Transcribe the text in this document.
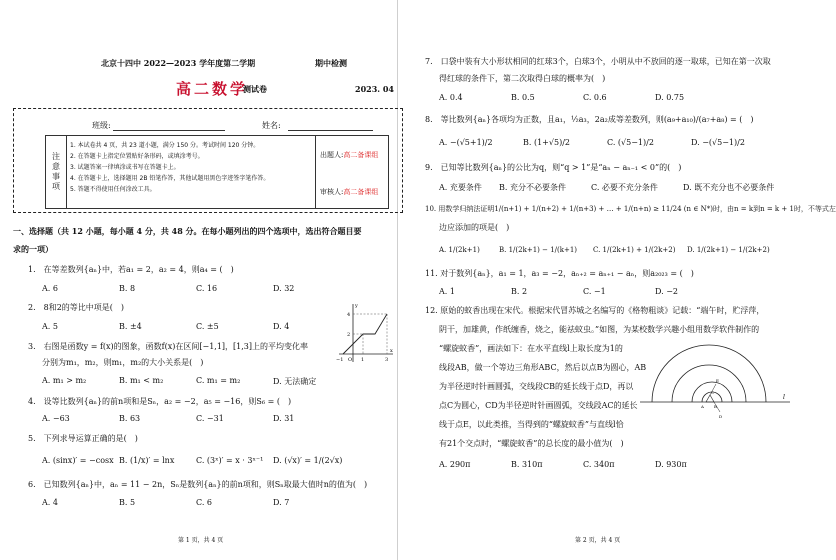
北京十四中 2022—2023 学年度第二学期	期中检测
高二数学
测试卷	2023. 04
班级:	姓名:
注
意
事
项
1. 本试卷共 4 页，共 23 道小题，满分 150 分。考试时间 120 分钟。
2. 在答题卡上指定位置贴好条形码，或填涂考号。
3. 试题答案一律填涂或书写在答题卡上。
4. 在答题卡上，选择题用 2B 铅笔作答，其他试题用黑色字迹签字笔作答。
5. 答题不得使用任何涂改工具。
出题人: 高二备课组
审核人: 高二备课组
一、选择题（共 12 小题，每小题 4 分，共 48 分。在每小题列出的四个选项中，选出符合题目要
求的一项）
1.　在等差数列{aₙ}中，若a₁ = 2，a₂ = 4，则a₄ = (　)
A. 6	B. 8	C. 16	D. 32
2.　8和2的等比中项是(　)
A. 5	B. ±4	C. ±5	D. 4
3.　右图是函数y = f(x)的图象，函数f(x)在区间[−1,1]，[1,3]上的平均变化率
分别为m₁，m₂，则m₁，m₂的大小关系是(　)
A. m₁ > m₂	B. m₁ < m₂	C. m₁ = m₂	D. 无法确定
4
2
−1 O 1	3
x
y
4.　设等比数列{aₙ}的前n项和是Sₙ，a₂ = −2，a₅ = −16，则S₆ = (　)
A. −63	B. 63	C. −31	D. 31
5.　下列求导运算正确的是(　)
A. (sinx)′ = −cosx B. (1/x)′ = lnx	C. (3ˣ)′ = x · 3ˣ⁻¹	D. (√x)′ = 1/(2√x)
6.　已知数列{aₙ}中，aₙ = 11 − 2n，Sₙ是数列{aₙ}的前n项和，则Sₙ取最大值时n的值为(　)
A. 4	B. 5	C. 6	D. 7
第 1 页，共 4 页
7.　口袋中装有大小形状相同的红球3个，白球3个，小明从中不放回的逐一取球，已知在第一次取
得红球的条件下，第二次取得白球的概率为(　)
A. 0.4	B. 0.5	C. 0.6	D. 0.75
8.　等比数列{aₙ}各项均为正数，且a₁，½a₃，2a₂成等差数列，则(a₉+a₁₀)/(a₇+a₈) = (　)
A. −(√5+1)/2	B. (1+√5)/2	C. (√5−1)/2	D. −(√5−1)/2
9.　已知等比数列{aₙ}的公比为q，则“q > 1”是“aₙ − aₙ₋₁ < 0”的(　)
A. 充要条件	B. 充分不必要条件	C. 必要不充分条件	D. 既不充分也不必要条件
10. 用数学归纳法证明1/(n+1) + 1/(n+2) + 1/(n+3) + … + 1/(n+n) ≥ 11/24 (n ∈ N*)时，由n = k到n = k + 1时，不等式左
边应添加的项是(　)
A. 1/(2k+1)	B. 1/(2k+1) − 1/(k+1)	C. 1/(2k+1) + 1/(2k+2)	D. 1/(2k+1) − 1/(2k+2)
11. 对于数列{aₙ}，a₁ = 1，a₃ = −2，aₙ₊₂ = aₙ₊₁ − aₙ，则a₂₀₂₃ = (　)
A. 1	B. 2	C. −1	D. −2
12. 原始的蚊香出现在宋代。根据宋代冒苏城之名编写的《格物粗谈》记载：“端午时，贮浮萍，
阴干，加雄黄，作纸缠香，烧之，能祛蚊虫。”如图，为某校数学兴趣小组用数学软件制作的
“螺旋蚊香”，画法如下：在水平直线l上取长度为1的
线段AB，做一个等边三角形ABC，然后以点B为圆心，AB
为半径逆时针画圆弧，交线段CB的延长线于点D，再以
点C为圆心，CD为半径逆时针画圆弧，交线段AC的延长
线于点E，以此类推，当得到的“螺旋蚊香”与直线l恰
有21个交点时，“螺旋蚊香”的总长度的最小值为(　)
A. 290π	B. 310π	C. 340π	D. 930π
l
A	B
C
D
E
第 2 页，共 4 页
